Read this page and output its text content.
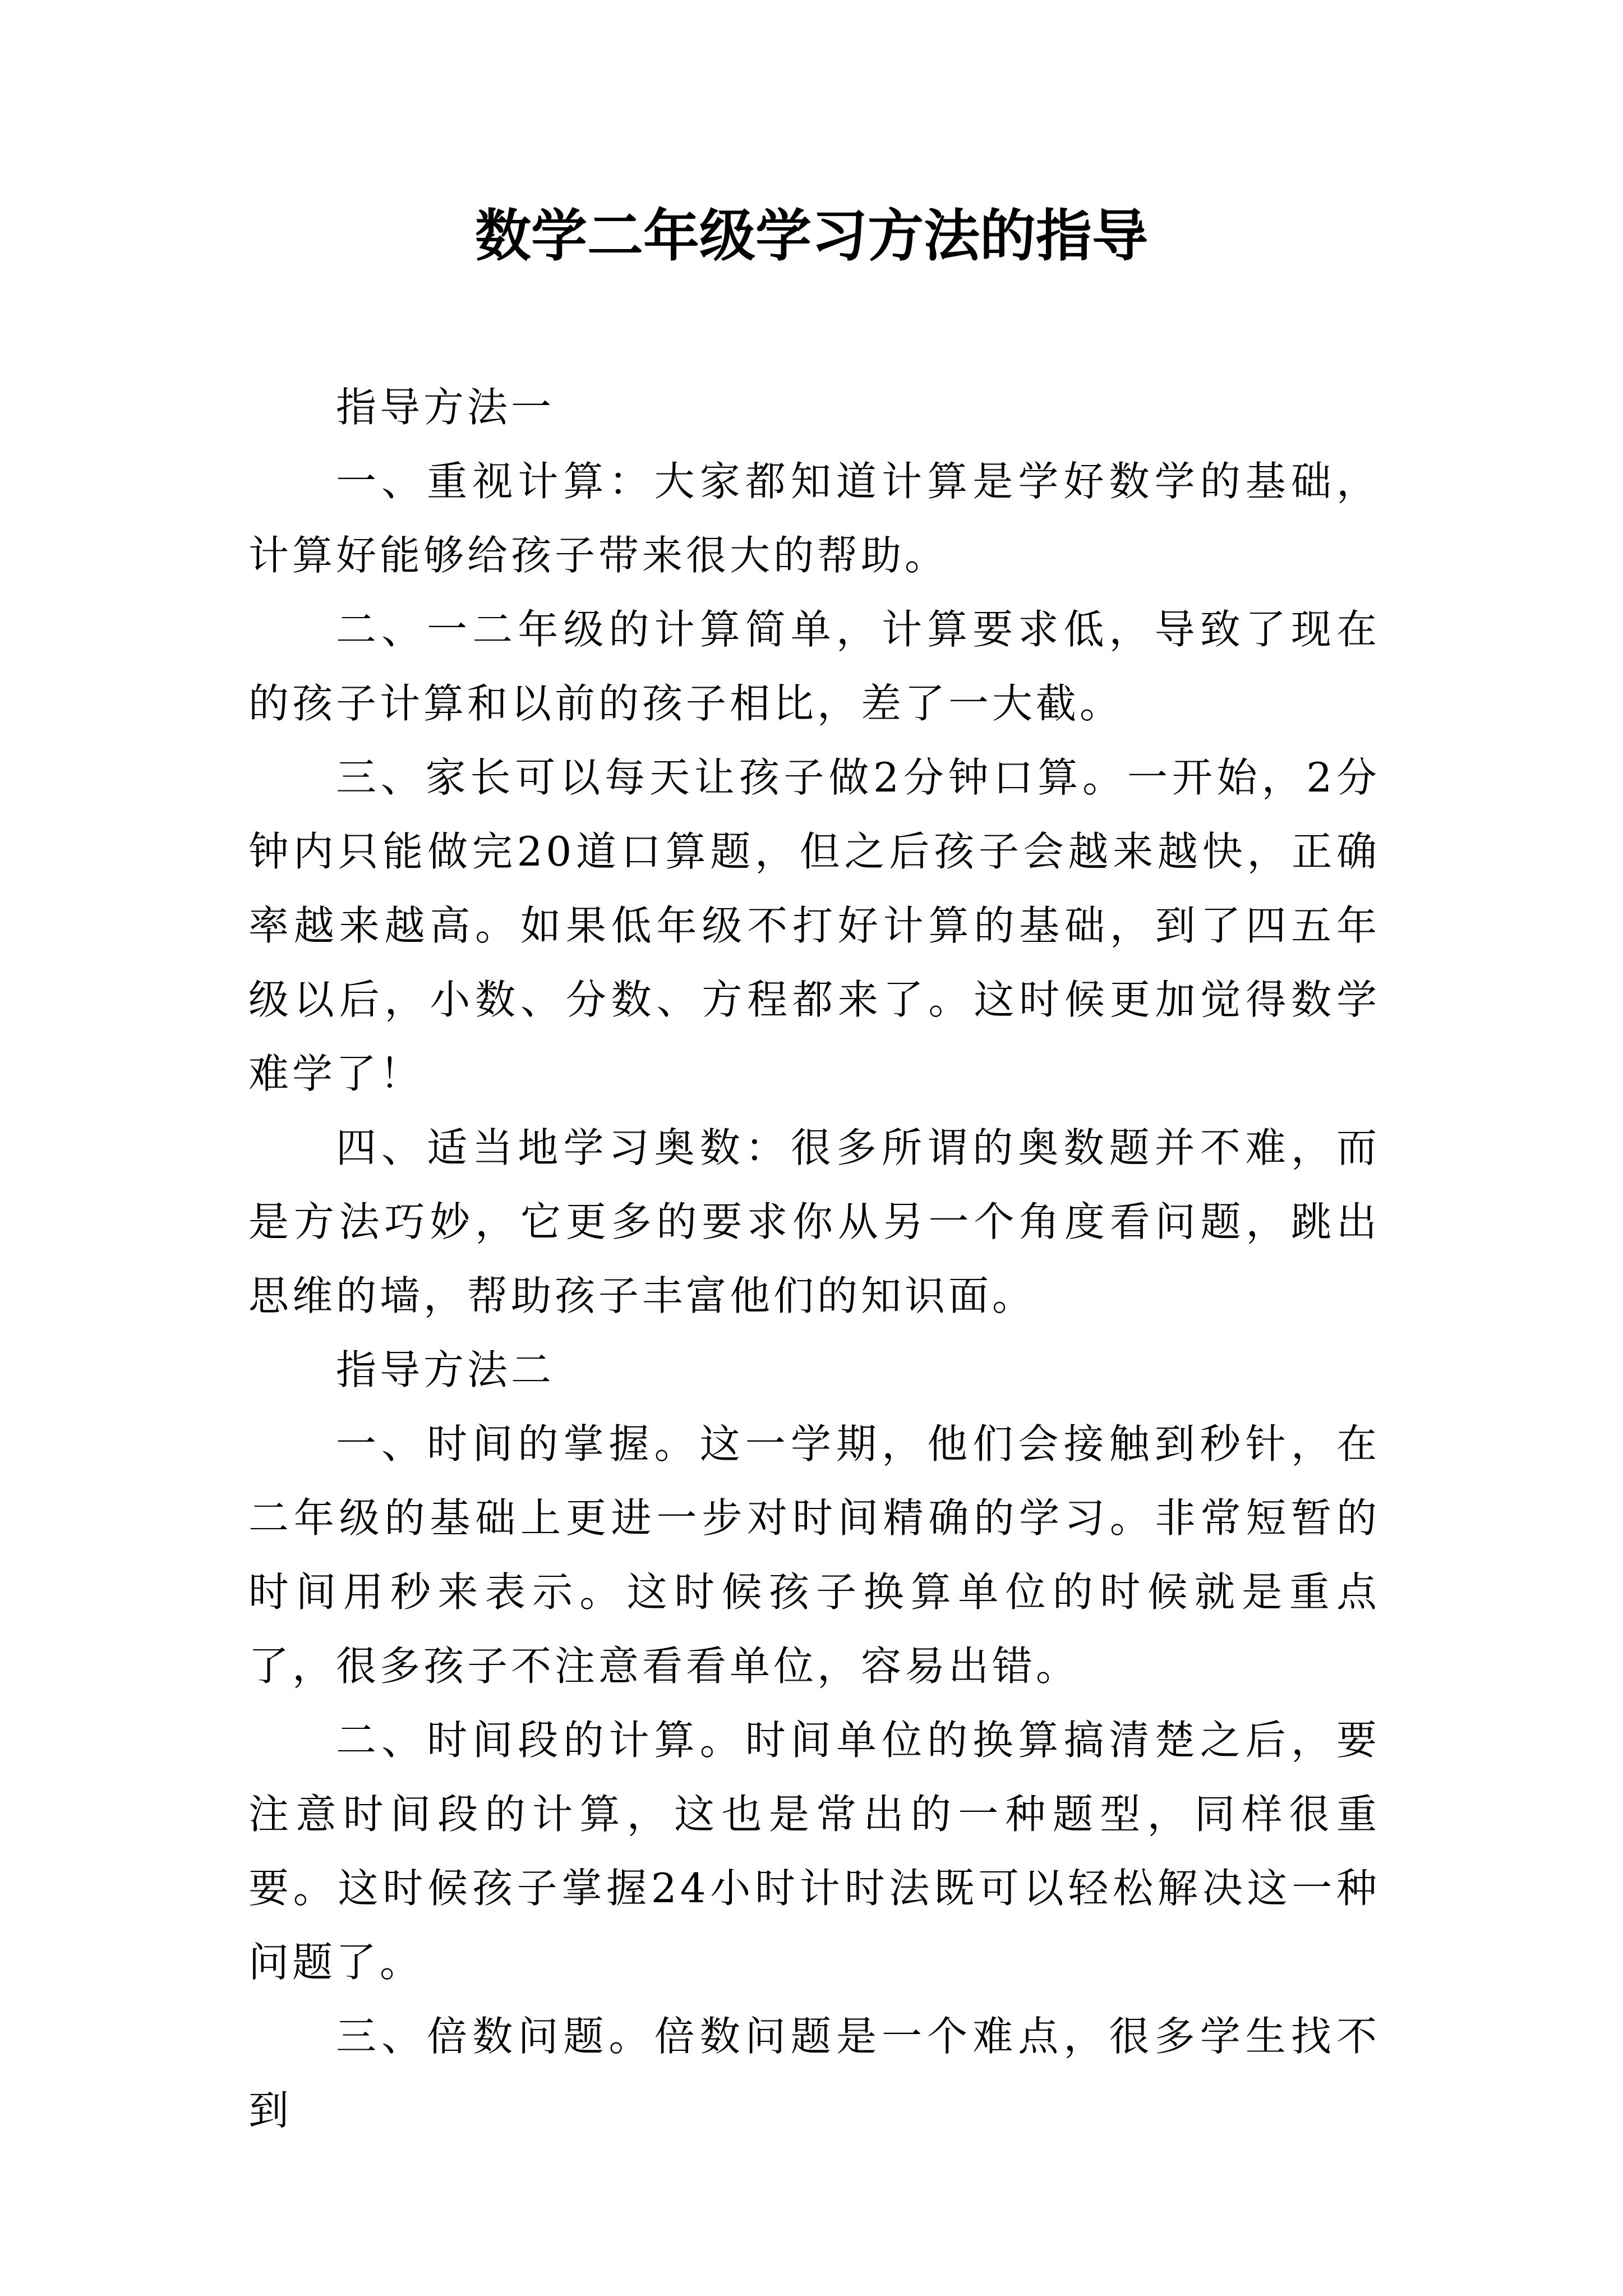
数学二年级学习方法的指导

指导方法一

一、重视计算：大家都知道计算是学好数学的基础，计算好能够给孩子带来很大的帮助。

二、一二年级的计算简单，计算要求低，导致了现在的孩子计算和以前的孩子相比，差了一大截。

三、家长可以每天让孩子做2分钟口算。一开始，2分钟内只能做完20道口算题，但之后孩子会越来越快，正确率越来越高。如果低年级不打好计算的基础，到了四五年级以后，小数、分数、方程都来了。这时候更加觉得数学难学了！

四、适当地学习奥数：很多所谓的奥数题并不难，而是方法巧妙，它更多的要求你从另一个角度看问题，跳出思维的墙，帮助孩子丰富他们的知识面。

指导方法二

一、时间的掌握。这一学期，他们会接触到秒针，在二年级的基础上更进一步对时间精确的学习。非常短暂的时间用秒来表示。这时候孩子换算单位的时候就是重点了，很多孩子不注意看看单位，容易出错。

二、时间段的计算。时间单位的换算搞清楚之后，要注意时间段的计算，这也是常出的一种题型，同样很重要。这时候孩子掌握24小时计时法既可以轻松解决这一种问题了。

三、倍数问题。倍数问题是一个难点，很多学生找不到
